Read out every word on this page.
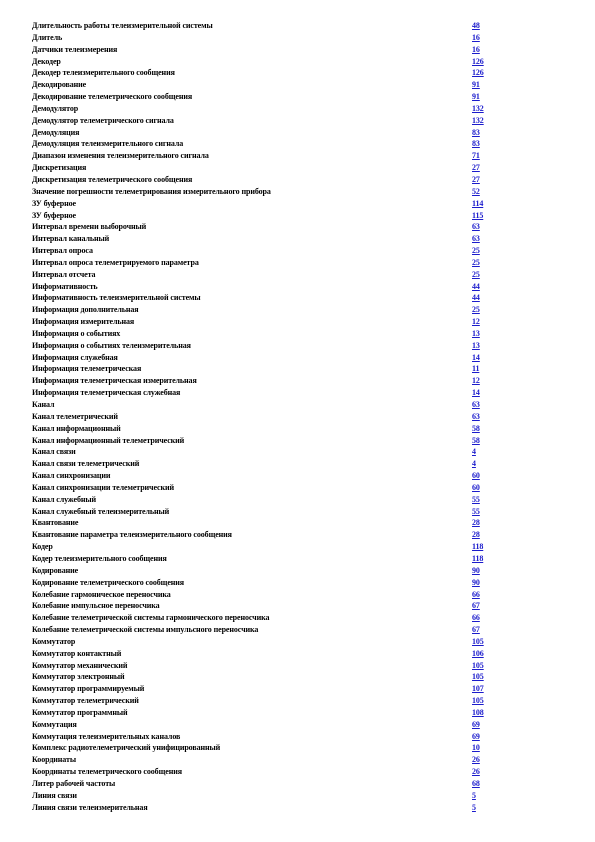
Длительность работы телеизмерительной системы	48
Длитель	16
Датчики телеизмерения	16
Декодер	126
Декодер телеизмерительного сообщения	126
Декодирование	91
Декодирование телеметрического сообщения	91
Демодулятор	132
Демодулятор телеметрического сигнала	132
Демодуляция	83
Демодуляция телеизмерительного сигнала	83
Диапазон изменения телеизмерительного сигнала	71
Дискретизация	27
Дискретизация телеметрического сообщения	27
Значение погрешности телеметрирования измерительного прибора	52
ЗУ буферное	114
ЗУ буферное	115
Интервал времени выборочный	63
Интервал канальный	63
Интервал опроса	25
Интервал опроса телеметрируемого параметра	25
Интервал отсчета	25
Информативность	44
Информативность телеизмерительной системы	44
Информация дополнительная	25
Информация измерительная	12
Информация о событиях	13
Информация о событиях телеизмерительная	13
Информация служебная	14
Информация телеметрическая	11
Информация телеметрическая измерительная	12
Информация телеметрическая служебная	14
Канал	63
Канал телеметрический	63
Канал информационный	58
Канал информационный телеметрический	58
Канал связи	4
Канал связи телеметрический	4
Канал синхронизации	60
Канал синхронизации телеметрический	60
Канал служебный	55
Канал служебный телеизмерительный	55
Квантование	28
Квантование параметра телеизмерительного сообщения	28
Кодер	118
Кодер телеизмерительного сообщения	118
Кодирование	90
Кодирование телеметрического сообщения	90
Колебание гармоническое переносчика	66
Колебание импульсное переносчика	67
Колебание телеметрической системы гармонического переносчика	66
Колебание телеметрической системы импульсного переносчика	67
Коммутатор	105
Коммутатор контактный	106
Коммутатор механический	105
Коммутатор электронный	105
Коммутатор программируемый	107
Коммутатор телеметрический	105
Коммутатор программный	108
Коммутация	69
Коммутация телеизмерительных каналов	69
Комплекс радиотелеметрический унифицированный	10
Координаты	26
Координаты телеметрического сообщения	26
Литер рабочей частоты	68
Линия связи	5
Линия связи телеизмерительная	5
